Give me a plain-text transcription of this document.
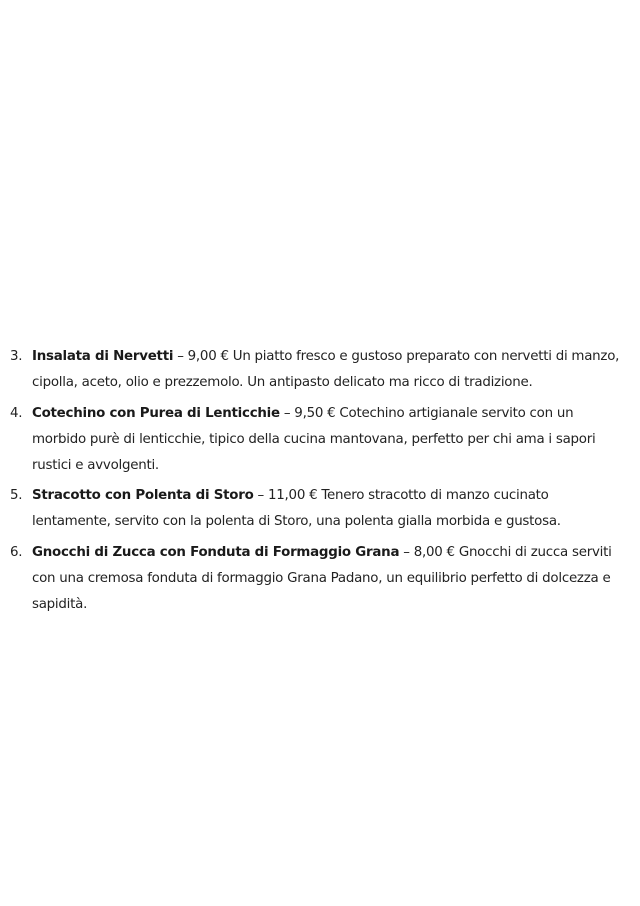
3. Insalata di Nervetti – 9,00 € Un piatto fresco e gustoso preparato con nervetti di manzo, cipolla, aceto, olio e prezzemolo. Un antipasto delicato ma ricco di tradizione.
4. Cotechino con Purea di Lenticchie – 9,50 € Cotechino artigianale servito con un morbido purè di lenticchie, tipico della cucina mantovana, perfetto per chi ama i sapori rustici e avvolgenti.
5. Stracotto con Polenta di Storo – 11,00 € Tenero stracotto di manzo cucinato lentamente, servito con la polenta di Storo, una polenta gialla morbida e gustosa.
6. Gnocchi di Zucca con Fonduta di Formaggio Grana – 8,00 € Gnocchi di zucca serviti con una cremosa fonduta di formaggio Grana Padano, un equilibrio perfetto di dolcezza e sapidità.
